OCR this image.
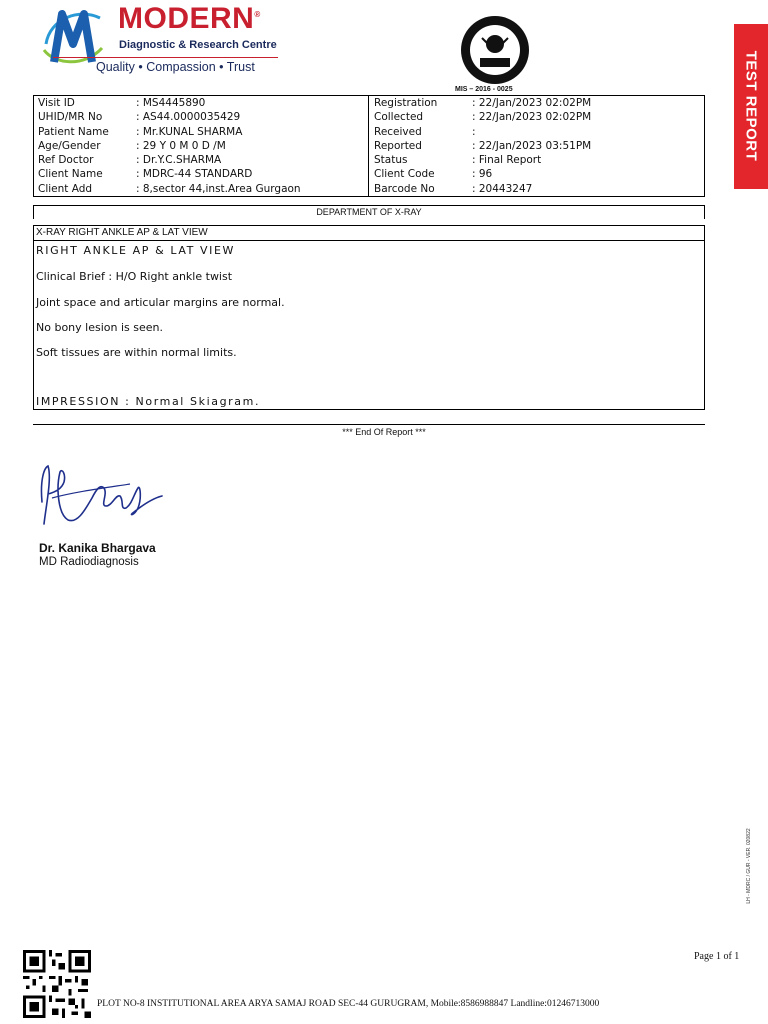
MODERN®
Diagnostic & Research Centre
Quality • Compassion • Trust
MIS – 2016 - 0025	TEST REPORT
Visit ID	: MS4445890
UHID/MR No	: AS44.0000035429
Patient Name	: Mr.KUNAL SHARMA
Age/Gender	: 29 Y 0 M 0 D /M
Ref Doctor	: Dr.Y.C.SHARMA
Client Name	: MDRC-44 STANDARD
Client Add	: 8,sector 44,inst.Area Gurgaon
Registration	: 22/Jan/2023 02:02PM
Collected	: 22/Jan/2023 02:02PM
Received	:
Reported	: 22/Jan/2023 03:51PM
Status	: Final Report
Client Code	: 96
Barcode No	: 20443247
DEPARTMENT OF X-RAY
X-RAY RIGHT ANKLE AP & LAT VIEW
RIGHT ANKLE AP & LAT VIEW
Clinical Brief : H/O Right ankle twist
Joint space and articular margins are normal.
No bony lesion is seen.
Soft tissues are within normal limits.
IMPRESSION : Normal Skiagram.
*** End Of Report ***
Dr. Kanika Bhargava
MD Radiodiagnosis
LH - MDRC / GUR - VER. 020822
Page 1 of 1
PLOT NO-8 INSTITUTIONAL AREA ARYA SAMAJ ROAD SEC-44 GURUGRAM, Mobile:8586988847 Landline:01246713000
